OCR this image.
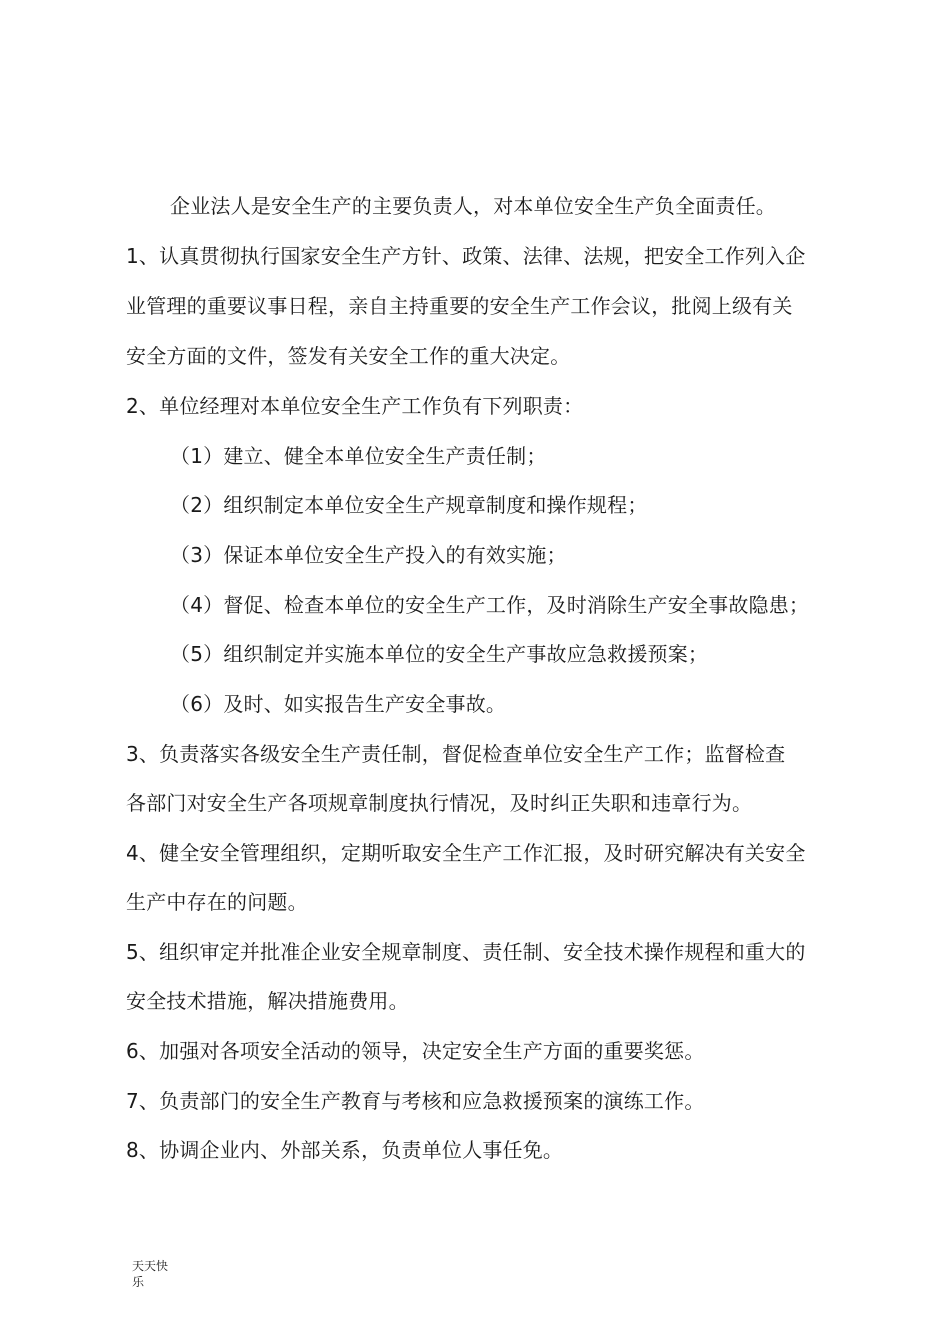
企业法人是安全生产的主要负责人，对本单位安全生产负全面责任。
1、认真贯彻执行国家安全生产方针、政策、法律、法规，把安全工作列入企
业管理的重要议事日程，亲自主持重要的安全生产工作会议，批阅上级有关
安全方面的文件，签发有关安全工作的重大决定。
2、单位经理对本单位安全生产工作负有下列职责：
（1）建立、健全本单位安全生产责任制；
（2）组织制定本单位安全生产规章制度和操作规程；
（3）保证本单位安全生产投入的有效实施；
（4）督促、检查本单位的安全生产工作，及时消除生产安全事故隐患；
（5）组织制定并实施本单位的安全生产事故应急救援预案；
（6）及时、如实报告生产安全事故。
3、负责落实各级安全生产责任制，督促检查单位安全生产工作；监督检查
各部门对安全生产各项规章制度执行情况，及时纠正失职和违章行为。
4、健全安全管理组织，定期听取安全生产工作汇报，及时研究解决有关安全
生产中存在的问题。
5、组织审定并批准企业安全规章制度、责任制、安全技术操作规程和重大的
安全技术措施，解决措施费用。
6、加强对各项安全活动的领导，决定安全生产方面的重要奖惩。
7、负责部门的安全生产教育与考核和应急救援预案的演练工作。
8、协调企业内、外部关系，负责单位人事任免。
天天快
乐
